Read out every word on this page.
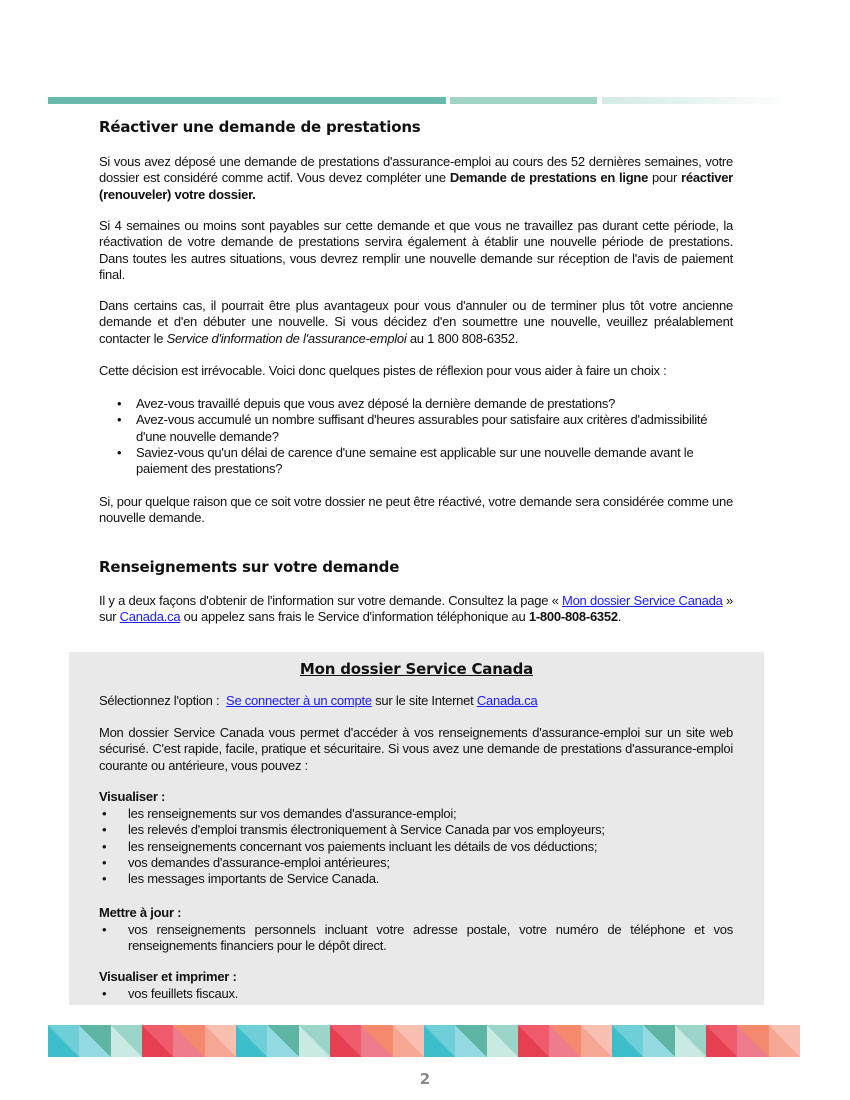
Réactiver une demande de prestations

Si vous avez déposé une demande de prestations d'assurance-emploi au cours des 52 dernières semaines, votre dossier est considéré comme actif. Vous devez compléter une Demande de prestations en ligne pour réactiver (renouveler) votre dossier.

Si 4 semaines ou moins sont payables sur cette demande et que vous ne travaillez pas durant cette période, la réactivation de votre demande de prestations servira également à établir une nouvelle période de prestations. Dans toutes les autres situations, vous devrez remplir une nouvelle demande sur réception de l'avis de paiement final.

Dans certains cas, il pourrait être plus avantageux pour vous d'annuler ou de terminer plus tôt votre ancienne demande et d'en débuter une nouvelle. Si vous décidez d'en soumettre une nouvelle, veuillez préalablement contacter le Service d'information de l'assurance-emploi au 1 800 808-6352.

Cette décision est irrévocable. Voici donc quelques pistes de réflexion pour vous aider à faire un choix :

• Avez-vous travaillé depuis que vous avez déposé la dernière demande de prestations?
• Avez-vous accumulé un nombre suffisant d'heures assurables pour satisfaire aux critères d'admissibilité d'une nouvelle demande?
• Saviez-vous qu'un délai de carence d'une semaine est applicable sur une nouvelle demande avant le paiement des prestations?

Si, pour quelque raison que ce soit votre dossier ne peut être réactivé, votre demande sera considérée comme une nouvelle demande.

Renseignements sur votre demande

Il y a deux façons d'obtenir de l'information sur votre demande. Consultez la page « Mon dossier Service Canada » sur Canada.ca ou appelez sans frais le Service d'information téléphonique au 1-800-808-6352.

Mon dossier Service Canada

Sélectionnez l'option :  Se connecter à un compte sur le site Internet Canada.ca

Mon dossier Service Canada vous permet d'accéder à vos renseignements d'assurance-emploi sur un site web sécurisé. C'est rapide, facile, pratique et sécuritaire. Si vous avez une demande de prestations d'assurance-emploi courante ou antérieure, vous pouvez :

Visualiser :

• les renseignements sur vos demandes d'assurance-emploi;
• les relevés d'emploi transmis électroniquement à Service Canada par vos employeurs;
• les renseignements concernant vos paiements incluant les détails de vos déductions;
• vos demandes d'assurance-emploi antérieures;
• les messages importants de Service Canada.

Mettre à jour :

• vos renseignements personnels incluant votre adresse postale, votre numéro de téléphone et vos renseignements financiers pour le dépôt direct.

Visualiser et imprimer :

• vos feuillets fiscaux.
2
